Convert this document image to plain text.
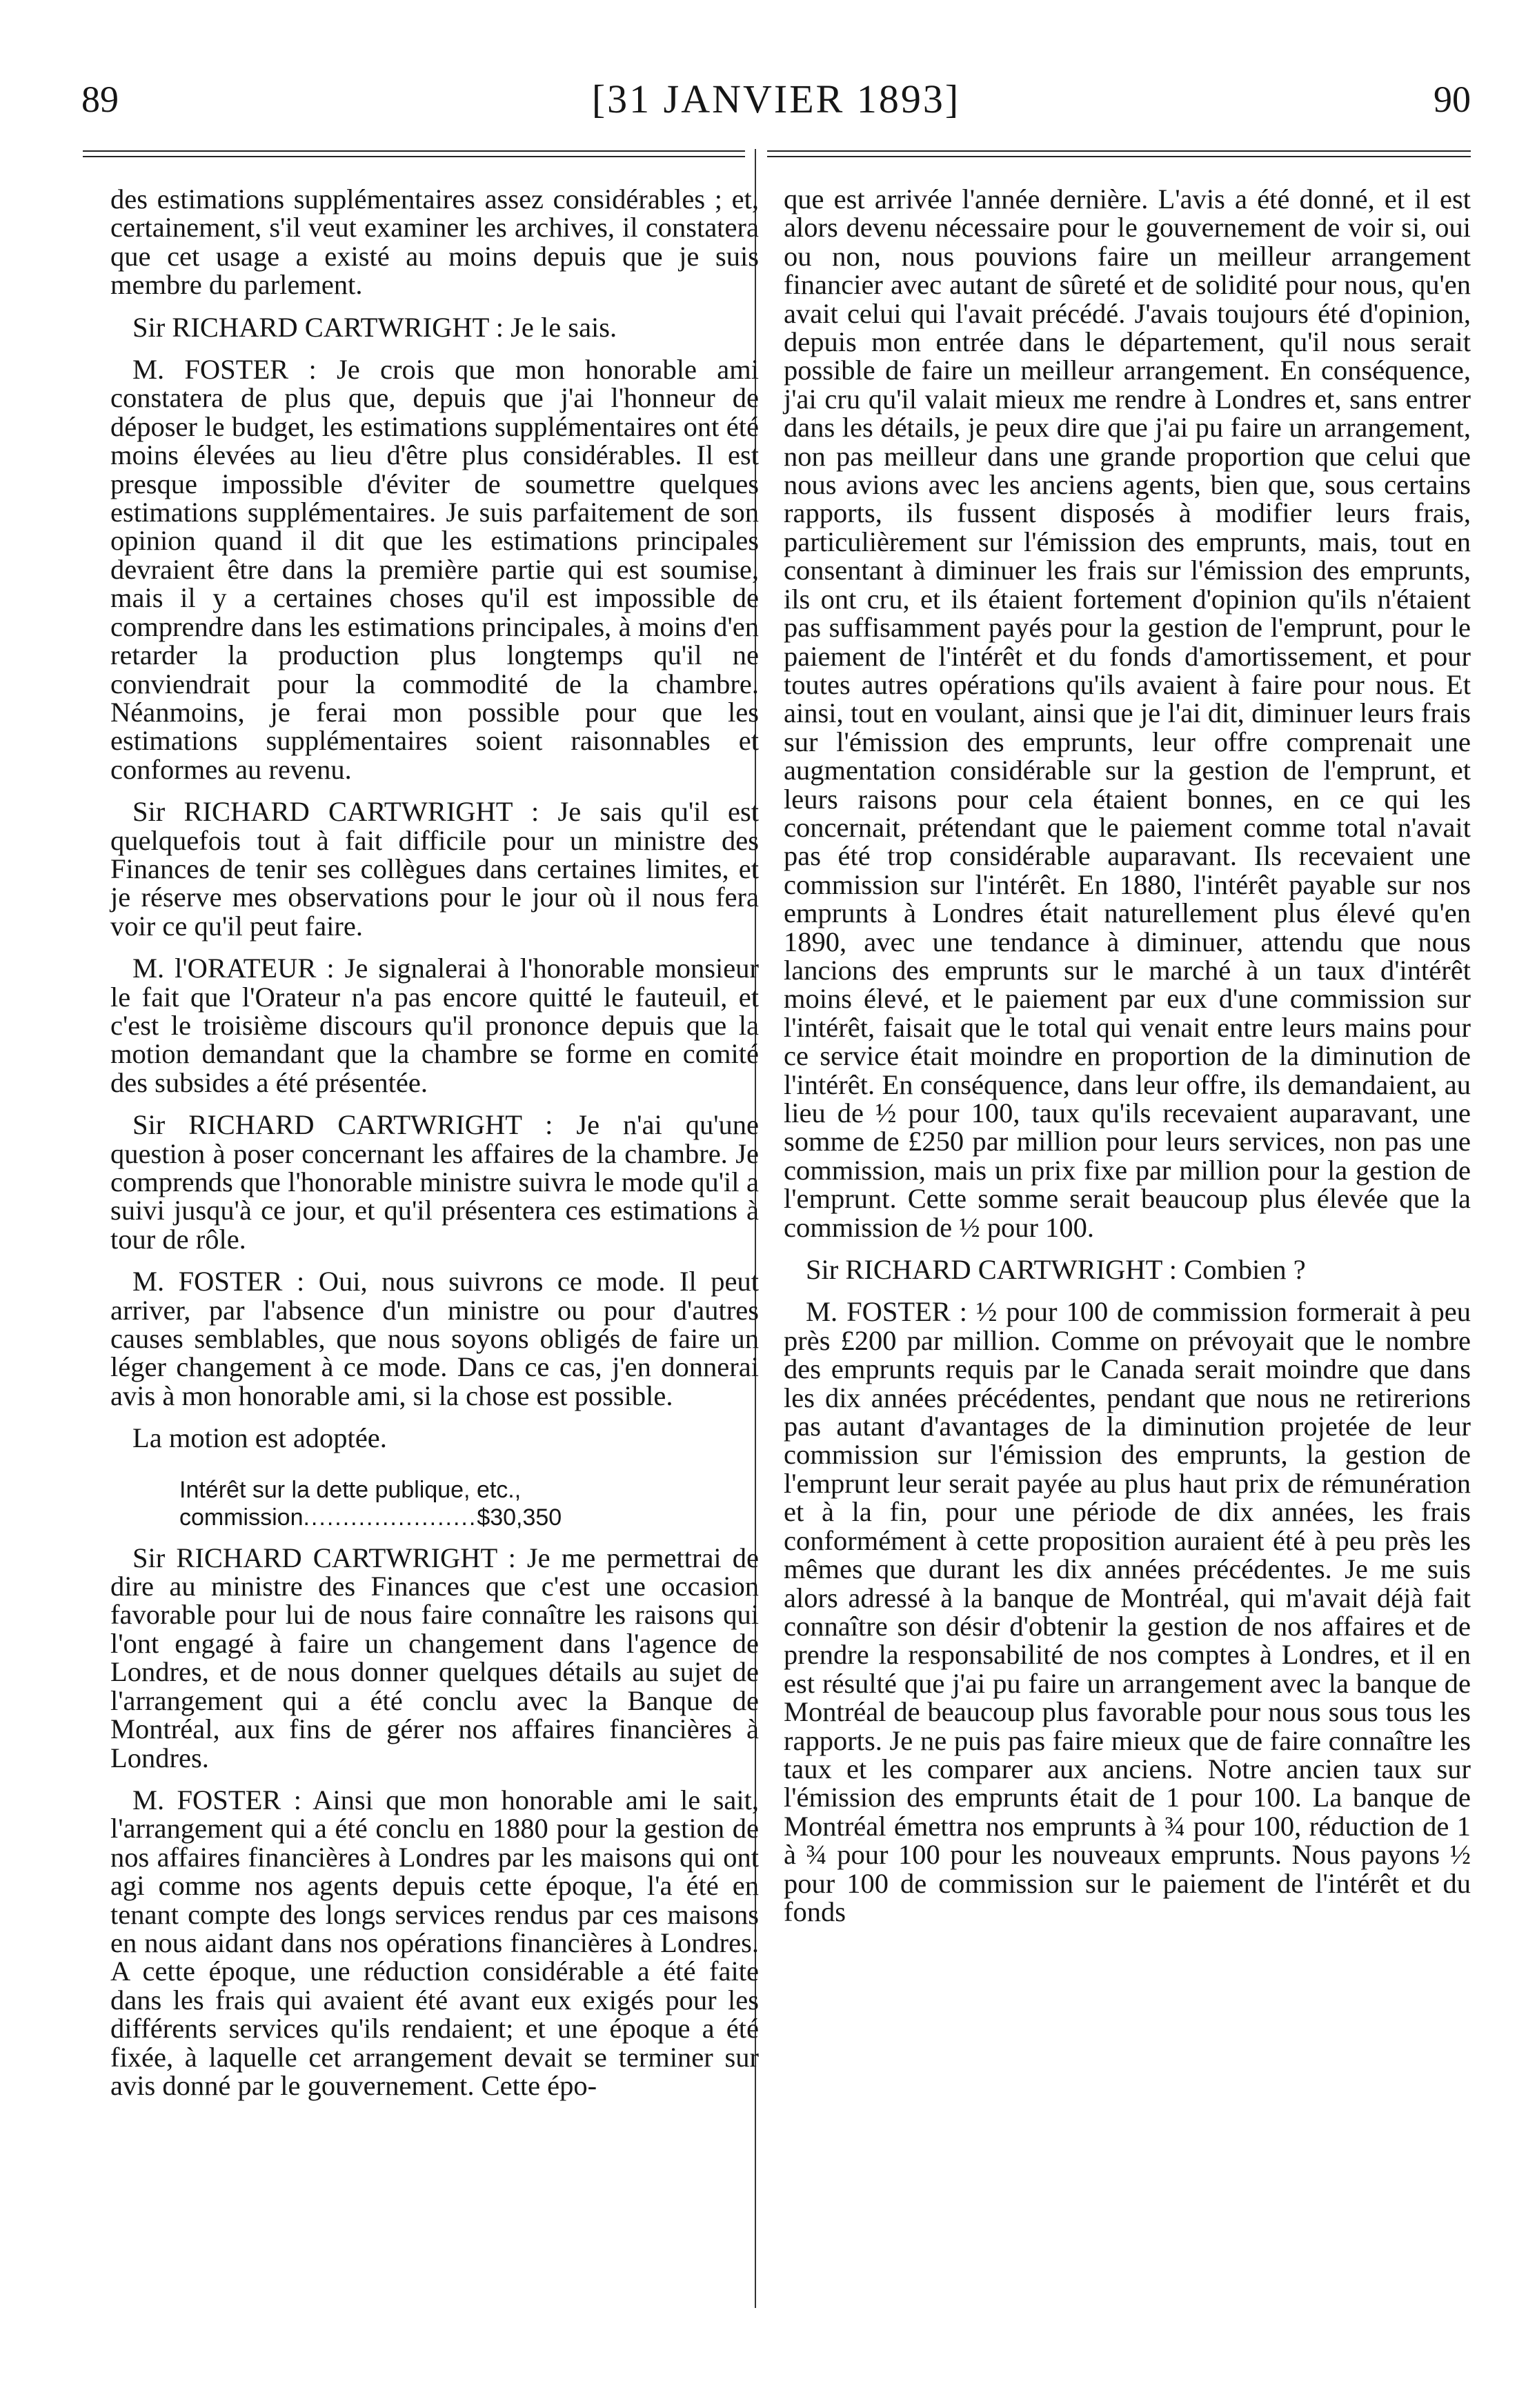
89	[31 JANVIER 1893]	90

des estimations supplémentaires assez considérables ; et, certainement, s'il veut examiner les archives, il constatera que cet usage a existé au moins depuis que je suis membre du parlement.

Sir RICHARD CARTWRIGHT : Je le sais.

M. FOSTER : Je crois que mon honorable ami constatera de plus que, depuis que j'ai l'honneur de déposer le budget, les estimations supplémentaires ont été moins élevées au lieu d'être plus considérables. Il est presque impossible d'éviter de soumettre quelques estimations supplémentaires. Je suis parfaitement de son opinion quand il dit que les estimations principales devraient être dans la première partie qui est soumise, mais il y a certaines choses qu'il est impossible de comprendre dans les estimations principales, à moins d'en retarder la production plus longtemps qu'il ne conviendrait pour la commodité de la chambre. Néanmoins, je ferai mon possible pour que les estimations supplémentaires soient raisonnables et conformes au revenu.

Sir RICHARD CARTWRIGHT : Je sais qu'il est quelquefois tout à fait difficile pour un ministre des Finances de tenir ses collègues dans certaines limites, et je réserve mes observations pour le jour où il nous fera voir ce qu'il peut faire.

M. l'ORATEUR : Je signalerai à l'honorable monsieur le fait que l'Orateur n'a pas encore quitté le fauteuil, et c'est le troisième discours qu'il prononce depuis que la motion demandant que la chambre se forme en comité des subsides a été présentée.

Sir RICHARD CARTWRIGHT : Je n'ai qu'une question à poser concernant les affaires de la chambre. Je comprends que l'honorable ministre suivra le mode qu'il a suivi jusqu'à ce jour, et qu'il présentera ces estimations à tour de rôle.

M. FOSTER : Oui, nous suivrons ce mode. Il peut arriver, par l'absence d'un ministre ou pour d'autres causes semblables, que nous soyons obligés de faire un léger changement à ce mode. Dans ce cas, j'en donnerai avis à mon honorable ami, si la chose est possible.

La motion est adoptée.

Intérêt sur la dette publique, etc.,
commission......................$30,350

Sir RICHARD CARTWRIGHT : Je me permettrai de dire au ministre des Finances que c'est une occasion favorable pour lui de nous faire connaître les raisons qui l'ont engagé à faire un changement dans l'agence de Londres, et de nous donner quelques détails au sujet de l'arrangement qui a été conclu avec la Banque de Montréal, aux fins de gérer nos affaires financières à Londres.

M. FOSTER : Ainsi que mon honorable ami le sait, l'arrangement qui a été conclu en 1880 pour la gestion de nos affaires financières à Londres par les maisons qui ont agi comme nos agents depuis cette époque, l'a été en tenant compte des longs services rendus par ces maisons en nous aidant dans nos opérations financières à Londres. A cette époque, une réduction considérable a été faite dans les frais qui avaient été avant eux exigés pour les différents services qu'ils rendaient; et une époque a été fixée, à laquelle cet arrangement devait se terminer sur avis donné par le gouvernement. Cette épo-

que est arrivée l'année dernière. L'avis a été donné, et il est alors devenu nécessaire pour le gouvernement de voir si, oui ou non, nous pouvions faire un meilleur arrangement financier avec autant de sûreté et de solidité pour nous, qu'en avait celui qui l'avait précédé. J'avais toujours été d'opinion, depuis mon entrée dans le département, qu'il nous serait possible de faire un meilleur arrangement. En conséquence, j'ai cru qu'il valait mieux me rendre à Londres et, sans entrer dans les détails, je peux dire que j'ai pu faire un arrangement, non pas meilleur dans une grande proportion que celui que nous avions avec les anciens agents, bien que, sous certains rapports, ils fussent disposés à modifier leurs frais, particulièrement sur l'émission des emprunts, mais, tout en consentant à diminuer les frais sur l'émission des emprunts, ils ont cru, et ils étaient fortement d'opinion qu'ils n'étaient pas suffisamment payés pour la gestion de l'emprunt, pour le paiement de l'intérêt et du fonds d'amortissement, et pour toutes autres opérations qu'ils avaient à faire pour nous. Et ainsi, tout en voulant, ainsi que je l'ai dit, diminuer leurs frais sur l'émission des emprunts, leur offre comprenait une augmentation considérable sur la gestion de l'emprunt, et leurs raisons pour cela étaient bonnes, en ce qui les concernait, prétendant que le paiement comme total n'avait pas été trop considérable auparavant. Ils recevaient une commission sur l'intérêt. En 1880, l'intérêt payable sur nos emprunts à Londres était naturellement plus élevé qu'en 1890, avec une tendance à diminuer, attendu que nous lancions des emprunts sur le marché à un taux d'intérêt moins élevé, et le paiement par eux d'une commission sur l'intérêt, faisait que le total qui venait entre leurs mains pour ce service était moindre en proportion de la diminution de l'intérêt. En conséquence, dans leur offre, ils demandaient, au lieu de ½ pour 100, taux qu'ils recevaient auparavant, une somme de £250 par million pour leurs services, non pas une commission, mais un prix fixe par million pour la gestion de l'emprunt. Cette somme serait beaucoup plus élevée que la commission de ½ pour 100.

Sir RICHARD CARTWRIGHT : Combien ?

M. FOSTER : ½ pour 100 de commission formerait à peu près £200 par million. Comme on prévoyait que le nombre des emprunts requis par le Canada serait moindre que dans les dix années précédentes, pendant que nous ne retirerions pas autant d'avantages de la diminution projetée de leur commission sur l'émission des emprunts, la gestion de l'emprunt leur serait payée au plus haut prix de rémunération et à la fin, pour une période de dix années, les frais conformément à cette proposition auraient été à peu près les mêmes que durant les dix années précédentes. Je me suis alors adressé à la banque de Montréal, qui m'avait déjà fait connaître son désir d'obtenir la gestion de nos affaires et de prendre la responsabilité de nos comptes à Londres, et il en est résulté que j'ai pu faire un arrangement avec la banque de Montréal de beaucoup plus favorable pour nous sous tous les rapports. Je ne puis pas faire mieux que de faire connaître les taux et les comparer aux anciens. Notre ancien taux sur l'émission des emprunts était de 1 pour 100. La banque de Montréal émettra nos emprunts à ¾ pour 100, réduction de 1 à ¾ pour 100 pour les nouveaux emprunts. Nous payons ½ pour 100 de commission sur le paiement de l'intérêt et du fonds
